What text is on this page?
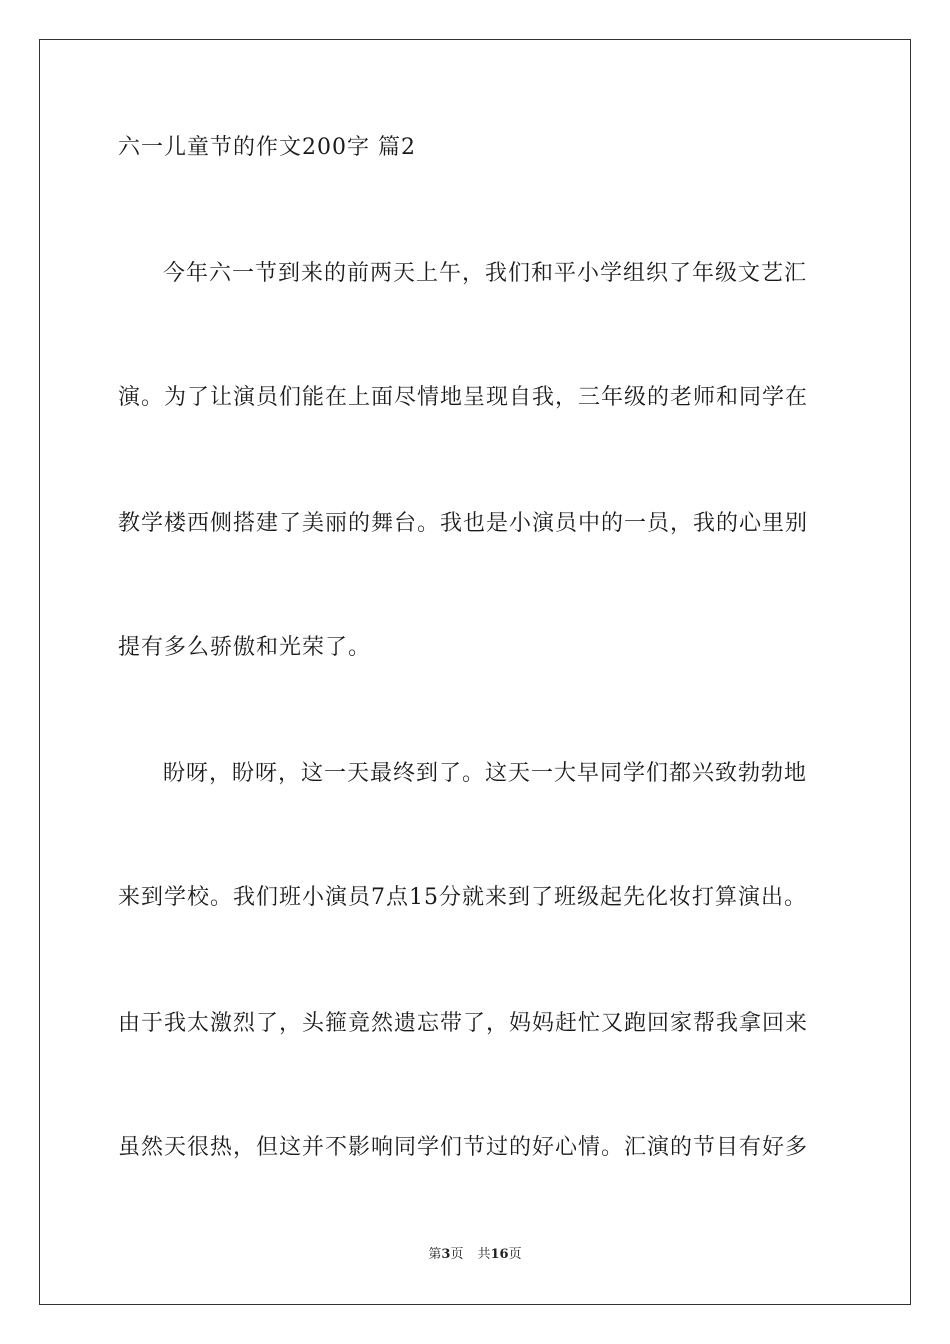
六一儿童节的作文200字 篇2
今年六一节到来的前两天上午，我们和平小学组织了年级文艺汇
演。为了让演员们能在上面尽情地呈现自我，三年级的老师和同学在
教学楼西侧搭建了美丽的舞台。我也是小演员中的一员，我的心里别
提有多么骄傲和光荣了。
盼呀，盼呀，这一天最终到了。这天一大早同学们都兴致勃勃地
来到学校。我们班小演员7点15分就来到了班级起先化妆打算演出。
由于我太激烈了，头箍竟然遗忘带了，妈妈赶忙又跑回家帮我拿回来
虽然天很热，但这并不影响同学们节过的好心情。汇演的节目有好多
第3页 共16页
